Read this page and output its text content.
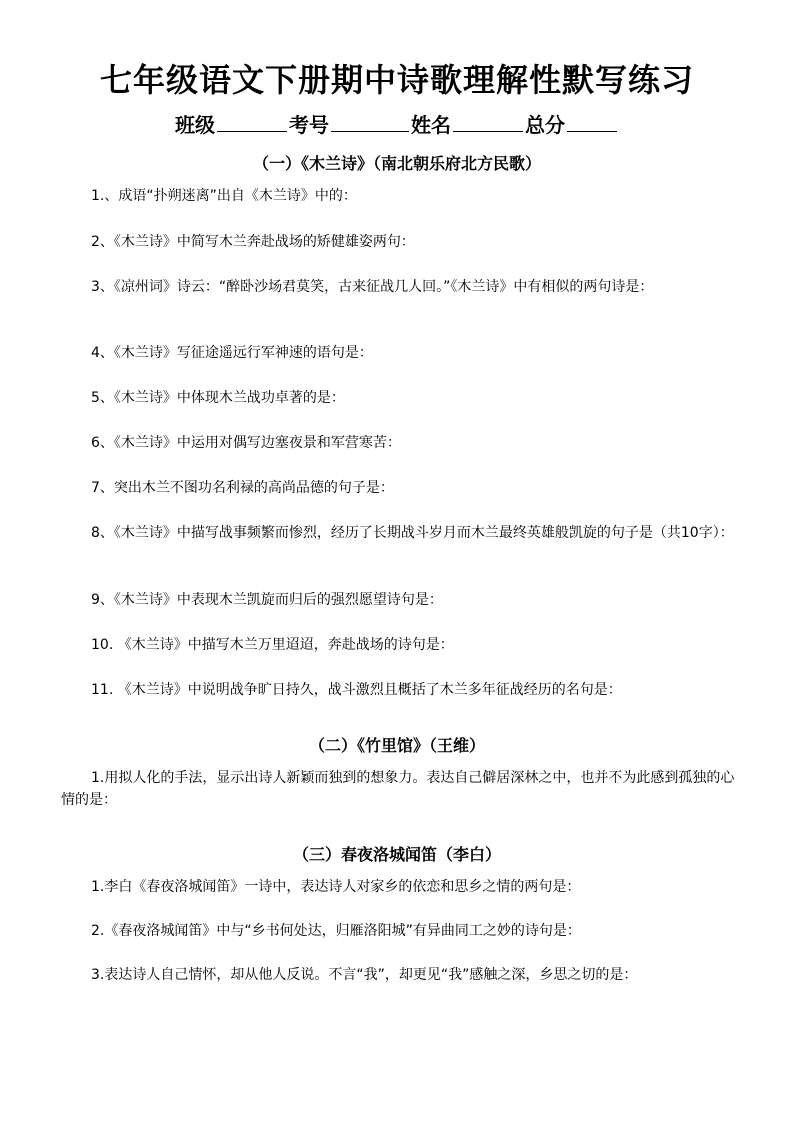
七年级语文下册期中诗歌理解性默写练习
班级	考号	姓名	总分
（一）《木兰诗》（南北朝乐府北方民歌）
1.、成语“扑朔迷离”出自《木兰诗》中的：
2、《木兰诗》中简写木兰奔赴战场的矫健雄姿两句：
3、《凉州词》诗云：“醉卧沙场君莫笑，古来征战几人回。”《木兰诗》中有相似的两句诗是：
4、《木兰诗》写征途遥远行军神速的语句是：
5、《木兰诗》中体现木兰战功卓著的是：
6、《木兰诗》中运用对偶写边塞夜景和军营寒苦：
7、突出木兰不图功名利禄的高尚品德的句子是：
8、《木兰诗》中描写战事频繁而惨烈，经历了长期战斗岁月而木兰最终英雄般凯旋的句子是（共10字）：
9、《木兰诗》中表现木兰凯旋而归后的强烈愿望诗句是：
10. 《木兰诗》中描写木兰万里迢迢，奔赴战场的诗句是：
11. 《木兰诗》中说明战争旷日持久，战斗激烈且概括了木兰多年征战经历的名句是：
（二）《竹里馆》（王维）
1.用拟人化的手法，显示出诗人新颖而独到的想象力。表达自己僻居深林之中，也并不为此感到孤独的心情的是：
（三）春夜洛城闻笛（李白）
1.李白《春夜洛城闻笛》一诗中，表达诗人对家乡的依恋和思乡之情的两句是：
2.《春夜洛城闻笛》中与“乡书何处达，归雁洛阳城”有异曲同工之妙的诗句是：
3.表达诗人自己情怀，却从他人反说。不言“我”，却更见“我”感触之深，乡思之切的是：
